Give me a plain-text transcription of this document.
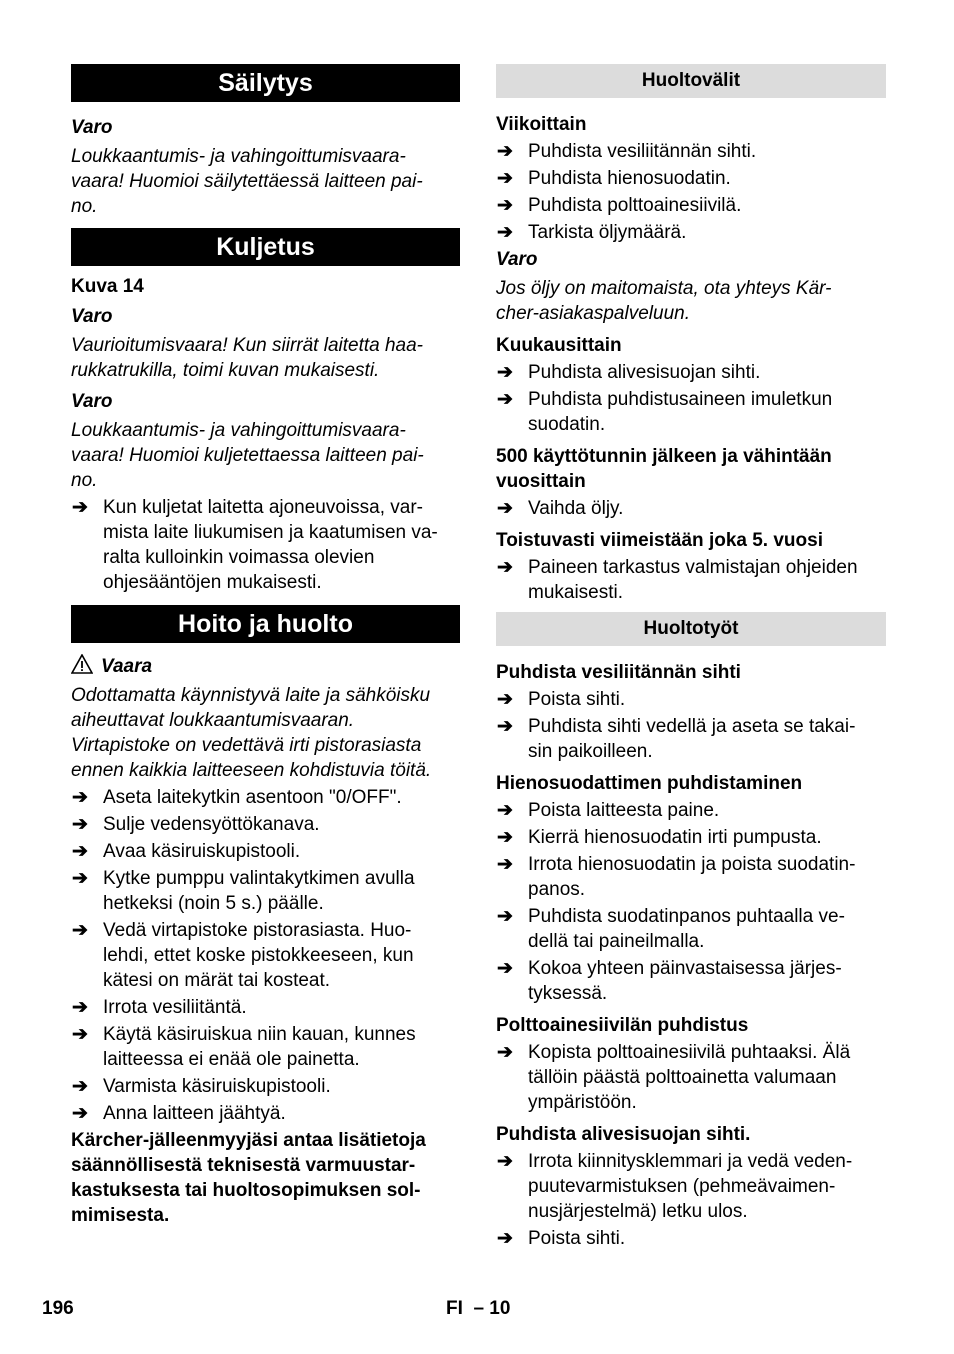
Säilytys
Varo
Loukkaantumis- ja vahingoittumisvaara-
vaara! Huomioi säilytettäessä laitteen pai-
no.
Kuljetus
Kuva 14
Varo
Vaurioitumisvaara! Kun siirrät laitetta haa-
rukkatrukilla, toimi kuvan mukaisesti.
Varo
Loukkaantumis- ja vahingoittumisvaara-
vaara! Huomioi kuljetettaessa laitteen pai-
no.
➔ Kun kuljetat laitetta ajoneuvoissa, var-
mista laite liukumisen ja kaatumisen va-
ralta kulloinkin voimassa olevien
ohjesääntöjen mukaisesti.
Hoito ja huolto
Vaara
Odottamatta käynnistyvä laite ja sähköisku
aiheuttavat loukkaantumisvaaran.
Virtapistoke on vedettävä irti pistorasiasta
ennen kaikkia laitteeseen kohdistuvia töitä.
➔ Aseta laitekytkin asentoon "0/OFF".
➔ Sulje vedensyöttökanava.
➔ Avaa käsiruiskupistooli.
➔ Kytke pumppu valintakytkimen avulla
hetkeksi (noin 5 s.) päälle.
➔ Vedä virtapistoke pistorasiasta. Huo-
lehdi, ettet koske pistokkeeseen, kun
kätesi on märät tai kosteat.
➔ Irrota vesiliitäntä.
➔ Käytä käsiruiskua niin kauan, kunnes
laitteessa ei enää ole painetta.
➔ Varmista käsiruiskupistooli.
➔ Anna laitteen jäähtyä.
Kärcher-jälleenmyyjäsi antaa lisätietoja
säännöllisestä teknisestä varmuustar-
kastuksesta tai huoltosopimuksen sol-
mimisesta.
Huoltovälit
Viikoittain
➔ Puhdista vesiliitännän sihti.
➔ Puhdista hienosuodatin.
➔ Puhdista polttoainesiivilä.
➔ Tarkista öljymäärä.
Varo
Jos öljy on maitomaista, ota yhteys Kär-
cher-asiakaspalveluun.
Kuukausittain
➔ Puhdista alivesisuojan sihti.
➔ Puhdista puhdistusaineen imuletkun
suodatin.
500 käyttötunnin jälkeen ja vähintään
vuosittain
➔ Vaihda öljy.
Toistuvasti viimeistään joka 5. vuosi
➔ Paineen tarkastus valmistajan ohjeiden
mukaisesti.
Huoltotyöt
Puhdista vesiliitännän sihti
➔ Poista sihti.
➔ Puhdista sihti vedellä ja aseta se takai-
sin paikoilleen.
Hienosuodattimen puhdistaminen
➔ Poista laitteesta paine.
➔ Kierrä hienosuodatin irti pumpusta.
➔ Irrota hienosuodatin ja poista suodatin-
panos.
➔ Puhdista suodatinpanos puhtaalla ve-
dellä tai paineilmalla.
➔ Kokoa yhteen päinvastaisessa järjes-
tyksessä.
Polttoainesiivilän puhdistus
➔ Kopista polttoainesiivilä puhtaaksi. Älä
tällöin päästä polttoainetta valumaan
ympäristöön.
Puhdista alivesisuojan sihti.
➔ Irrota kiinnitysklemmari ja vedä veden-
puutevarmistuksen (pehmeävaimen-
nusjärjestelmä) letku ulos.
➔ Poista sihti.
196	FI – 10
